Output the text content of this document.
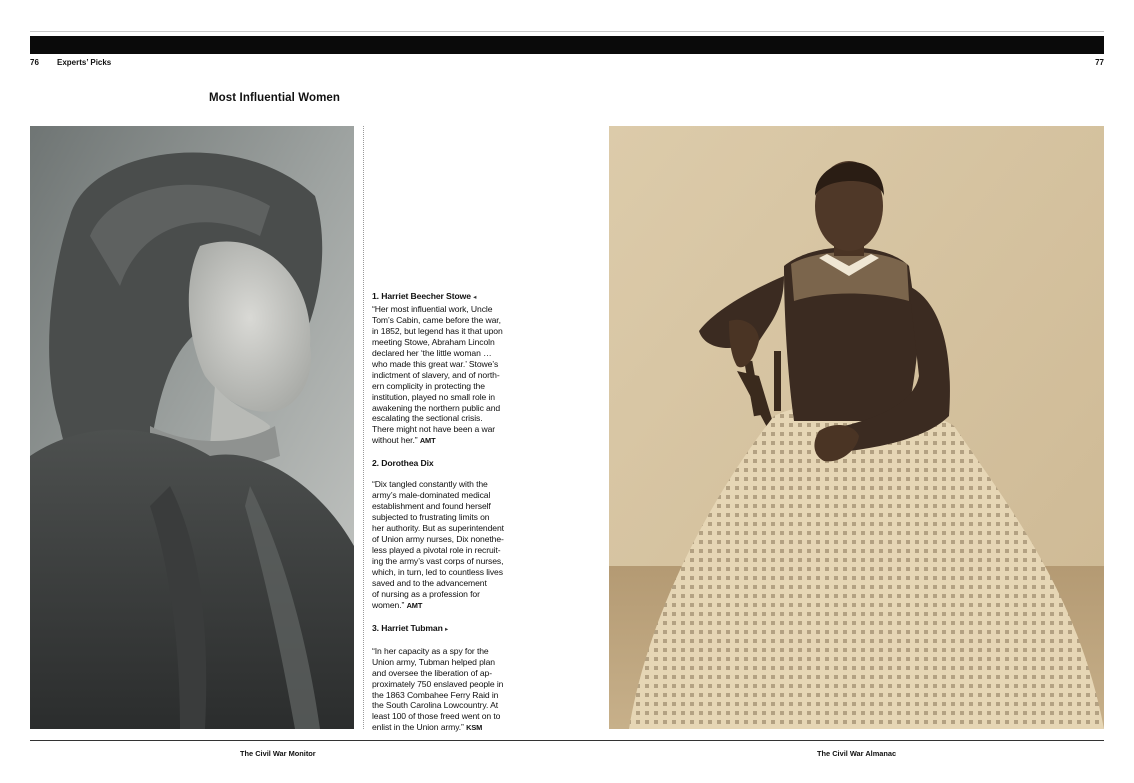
76 Experts’ Picks	77
Most Influential Women

1. Harriet Beecher Stowe ◂

“Her most influential work, Uncle

Tom’s Cabin, came before the war,

in 1852, but legend has it that upon

meeting Stowe, Abraham Lincoln

declared her ‘the little woman …

who made this great war.’ Stowe’s

indictment of slavery, and of north-

ern complicity in protecting the

institution, played no small role in

awakening the northern public and

escalating the sectional crisis.

There might not have been a war

without her.” AMT

2. Dorothea Dix

“Dix tangled constantly with the

army’s male-dominated medical

establishment and found herself

subjected to frustrating limits on

her authority. But as superintendent

of Union army nurses, Dix nonethe-

less played a pivotal role in recruit-

ing the army’s vast corps of nurses,

which, in turn, led to countless lives

saved and to the advancement

of nursing as a profession for

women.” AMT

3. Harriet Tubman ▸

“In her capacity as a spy for the

Union army, Tubman helped plan

and oversee the liberation of ap-

proximately 750 enslaved people in

the 1863 Combahee Ferry Raid in

the South Carolina Lowcountry. At

least 100 of those freed went on to

enlist in the Union army.” KSM

The Civil War Monitor	The Civil War Almanac
